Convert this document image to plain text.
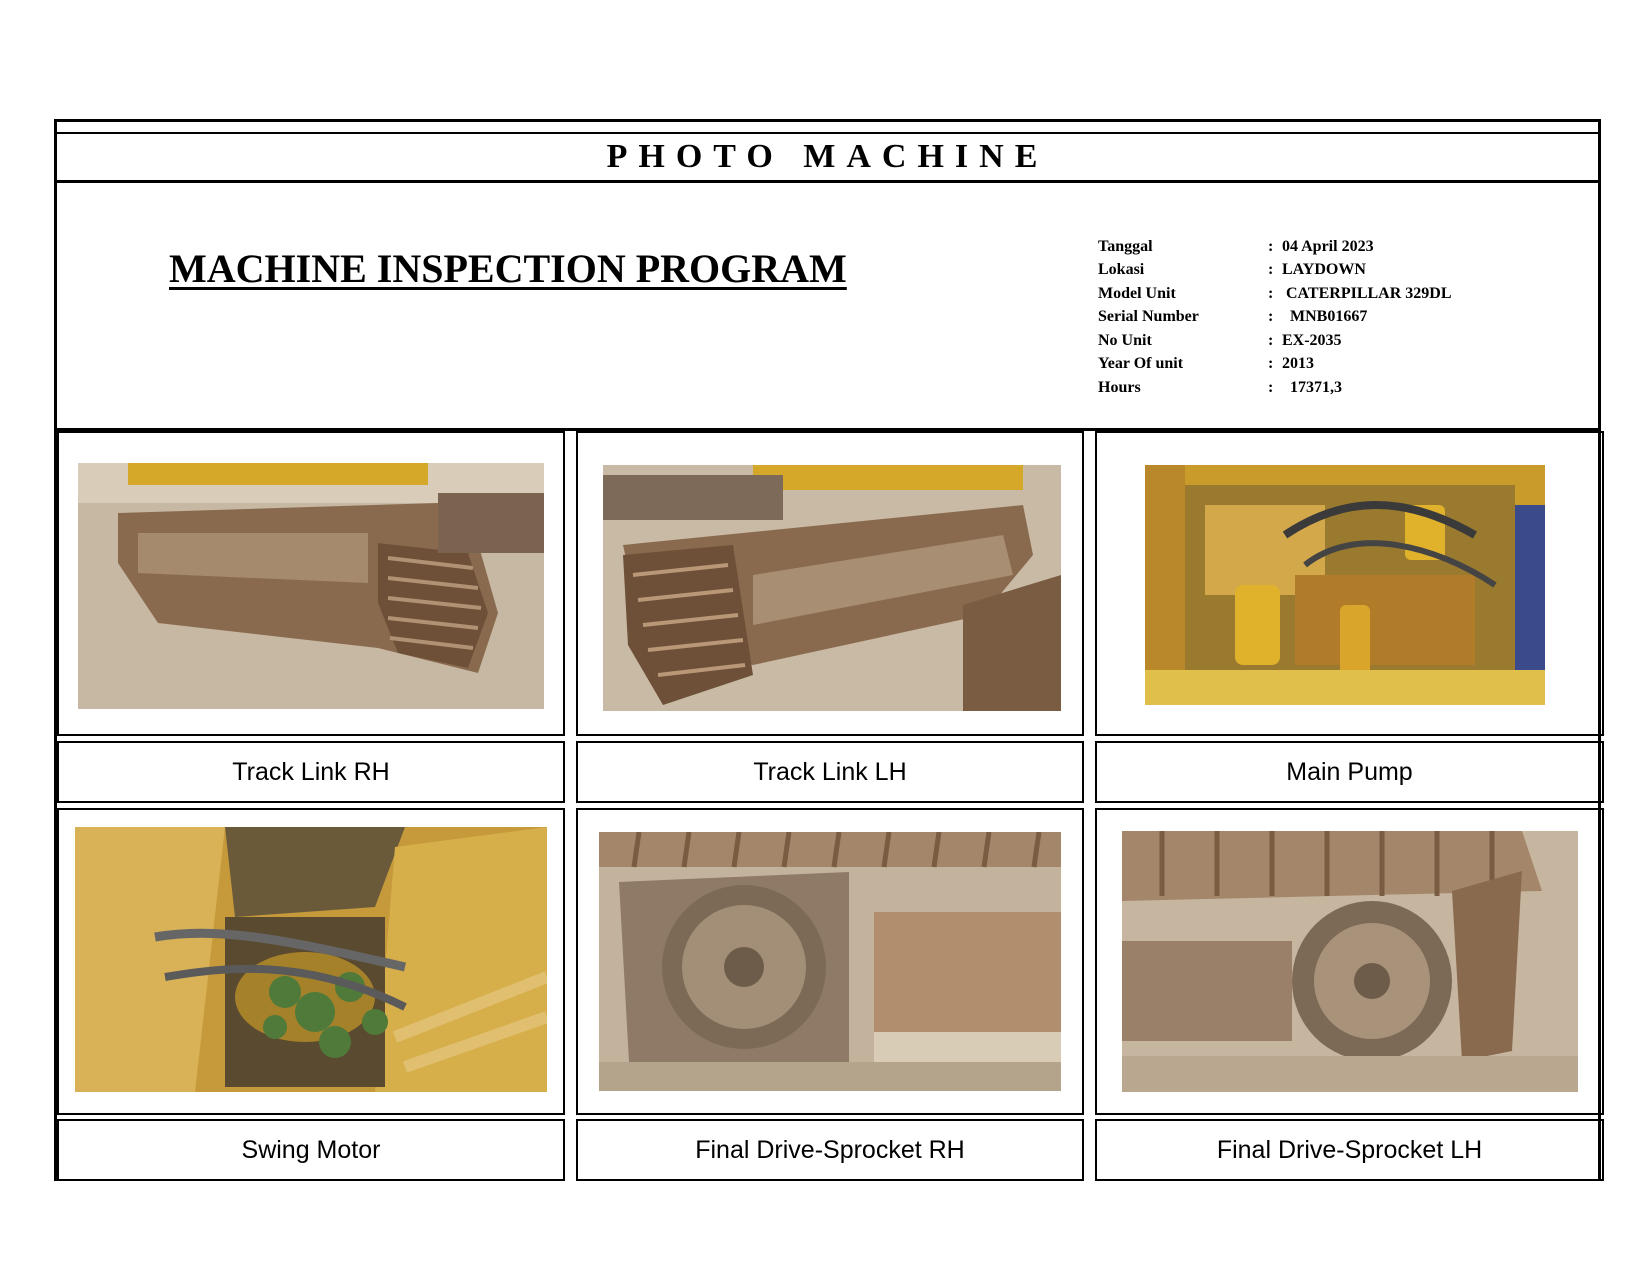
PHOTO MACHINE
MACHINE INSPECTION PROGRAM	Tanggal	: 04 April 2023
Lokasi	: LAYDOWN
Model Unit	: CATERPILLAR 329DL
Serial Number	: MNB01667
No Unit	: EX-2035
Year Of unit	: 2013
Hours	: 17371,3
Track Link RH	Track Link LH	Main Pump
Swing Motor	Final Drive-Sprocket RH	Final Drive-Sprocket LH
